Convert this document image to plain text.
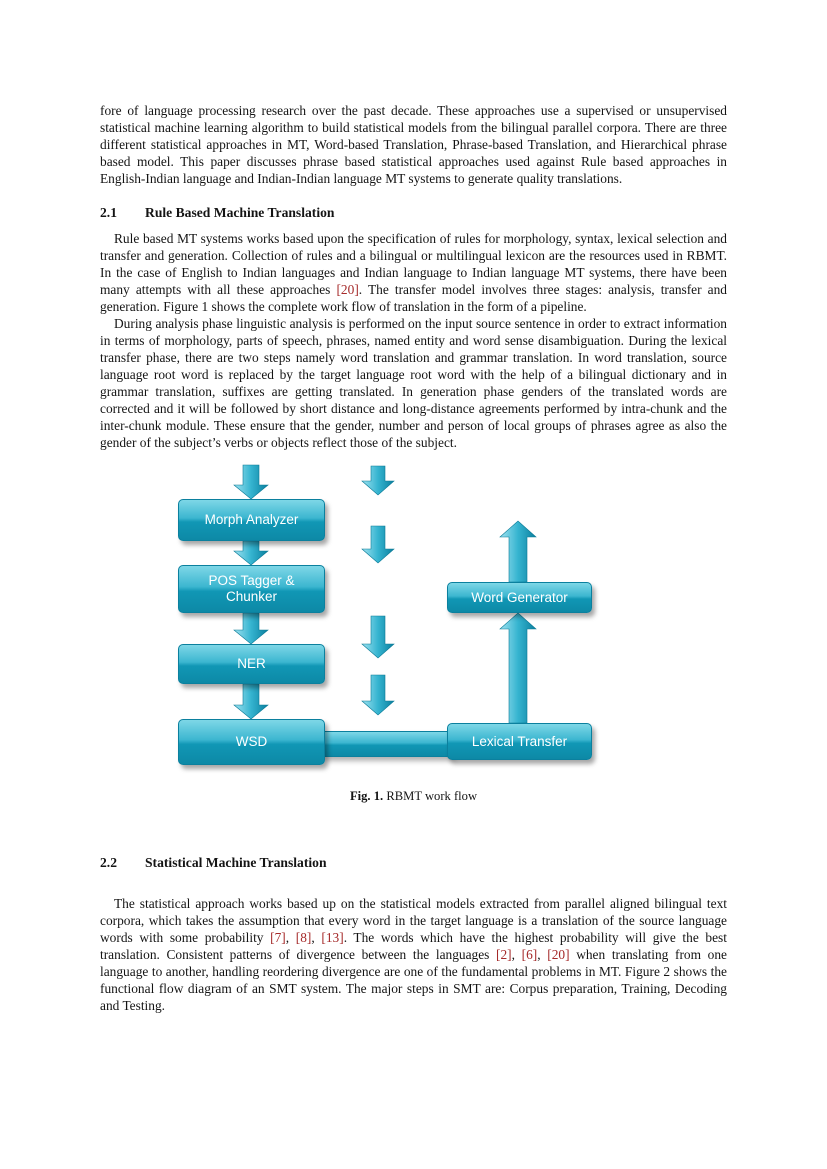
fore of language processing research over the past decade. These approaches use a supervised or unsupervised statistical machine learning algorithm to build statistical models from the bilingual parallel corpora. There are three different statistical approaches in MT, Word-based Translation, Phrase-based Translation, and Hierarchical phrase based model. This paper discusses phrase based statistical approaches used against Rule based approaches in English-Indian language and Indian-Indian language MT systems to generate quality translations.

2.1 Rule Based Machine Translation

Rule based MT systems works based upon the specification of rules for morphology, syntax, lexical selection and transfer and generation. Collection of rules and a bilingual or multilingual lexicon are the resources used in RBMT. In the case of English to Indian languages and Indian language to Indian language MT systems, there have been many attempts with all these approaches [20]. The transfer model involves three stages: analysis, transfer and generation. Figure 1 shows the complete work flow of translation in the form of a pipeline.

During analysis phase linguistic analysis is performed on the input source sentence in order to extract information in terms of morphology, parts of speech, phrases, named entity and word sense disambiguation. During the lexical transfer phase, there are two steps namely word translation and grammar translation. In word translation, source language root word is replaced by the target language root word with the help of a bilingual dictionary and in grammar translation, suffixes are getting translated. In generation phase genders of the translated words are corrected and it will be followed by short distance and long-distance agreements performed by intra-chunk and the inter-chunk module. These ensure that the gender, number and person of local groups of phrases agree as also the gender of the subject’s verbs or objects reflect those of the subject.

Morph Analyzer
POS Tagger & Chunker
NER
WSD
Word Generator
Lexical Transfer
Fig. 1. RBMT work flow
2.2 Statistical Machine Translation

The statistical approach works based up on the statistical models extracted from parallel aligned bilingual text corpora, which takes the assumption that every word in the target language is a translation of the source language words with some probability [7], [8], [13]. The words which have the highest probability will give the best translation. Consistent patterns of divergence between the languages [2], [6], [20] when translating from one language to another, handling reordering divergence are one of the fundamental problems in MT. Figure 2 shows the functional flow diagram of an SMT system. The major steps in SMT are: Corpus preparation, Training, Decoding and Testing.
